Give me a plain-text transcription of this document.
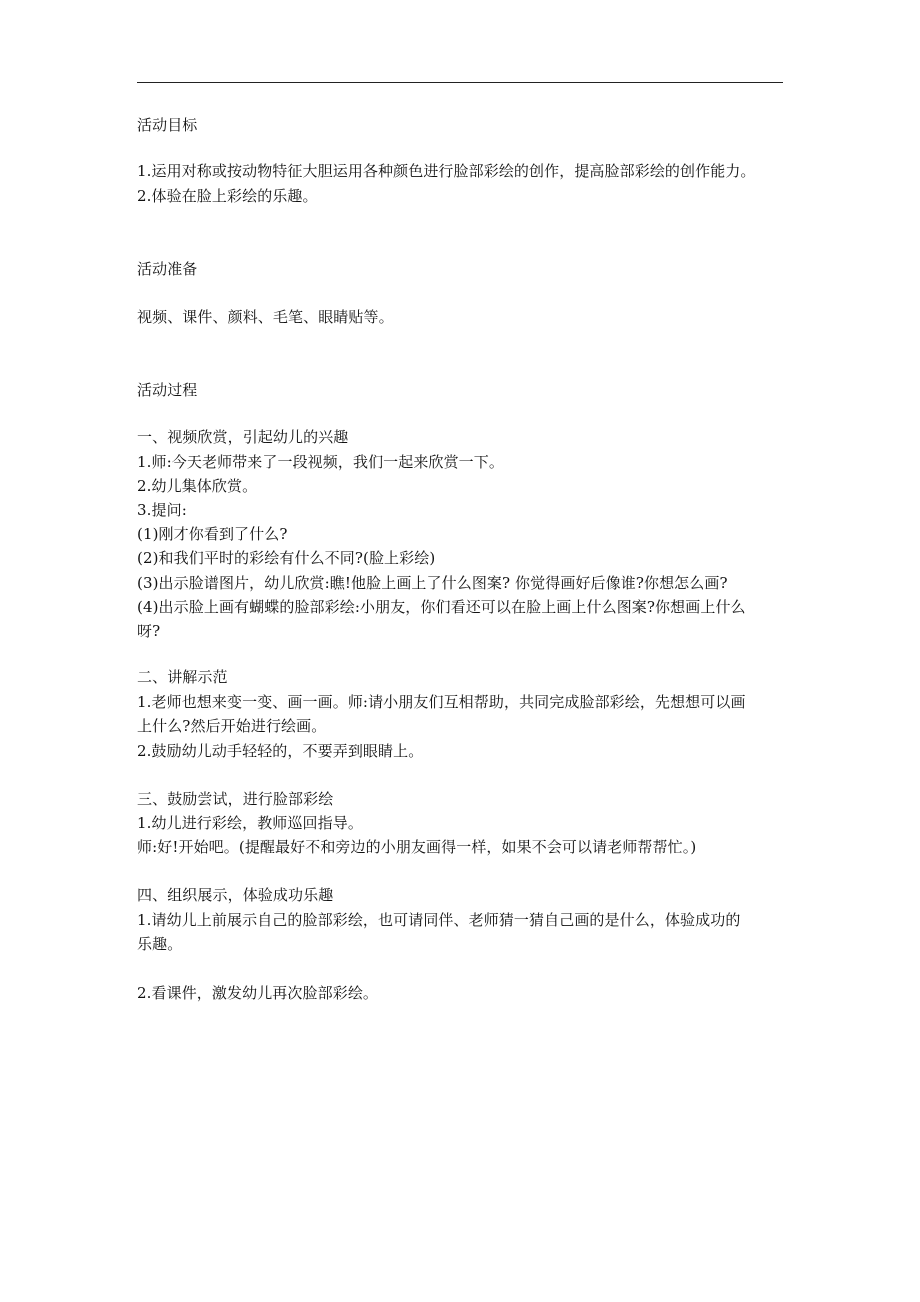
活动目标
1.运用对称或按动物特征大胆运用各种颜色进行脸部彩绘的创作，提高脸部彩绘的创作能力。
2.体验在脸上彩绘的乐趣。
活动准备
视频、课件、颜料、毛笔、眼睛贴等。
活动过程
一、视频欣赏，引起幼儿的兴趣
1.师:今天老师带来了一段视频，我们一起来欣赏一下。
2.幼儿集体欣赏。
3.提问:
(1)刚才你看到了什么?
(2)和我们平时的彩绘有什么不同?(脸上彩绘)
(3)出示脸谱图片，幼儿欣赏:瞧!他脸上画上了什么图案? 你觉得画好后像谁?你想怎么画?
(4)出示脸上画有蝴蝶的脸部彩绘:小朋友，你们看还可以在脸上画上什么图案?你想画上什么
呀?
二、讲解示范
1.老师也想来变一变、画一画。师:请小朋友们互相帮助，共同完成脸部彩绘，先想想可以画
上什么?然后开始进行绘画。
2.鼓励幼儿动手轻轻的，不要弄到眼睛上。
三、鼓励尝试，进行脸部彩绘
1.幼儿进行彩绘，教师巡回指导。
师:好!开始吧。(提醒最好不和旁边的小朋友画得一样，如果不会可以请老师帮帮忙。)
四、组织展示，体验成功乐趣
1.请幼儿上前展示自己的脸部彩绘，也可请同伴、老师猜一猜自己画的是什么，体验成功的
乐趣。
2.看课件，激发幼儿再次脸部彩绘。
